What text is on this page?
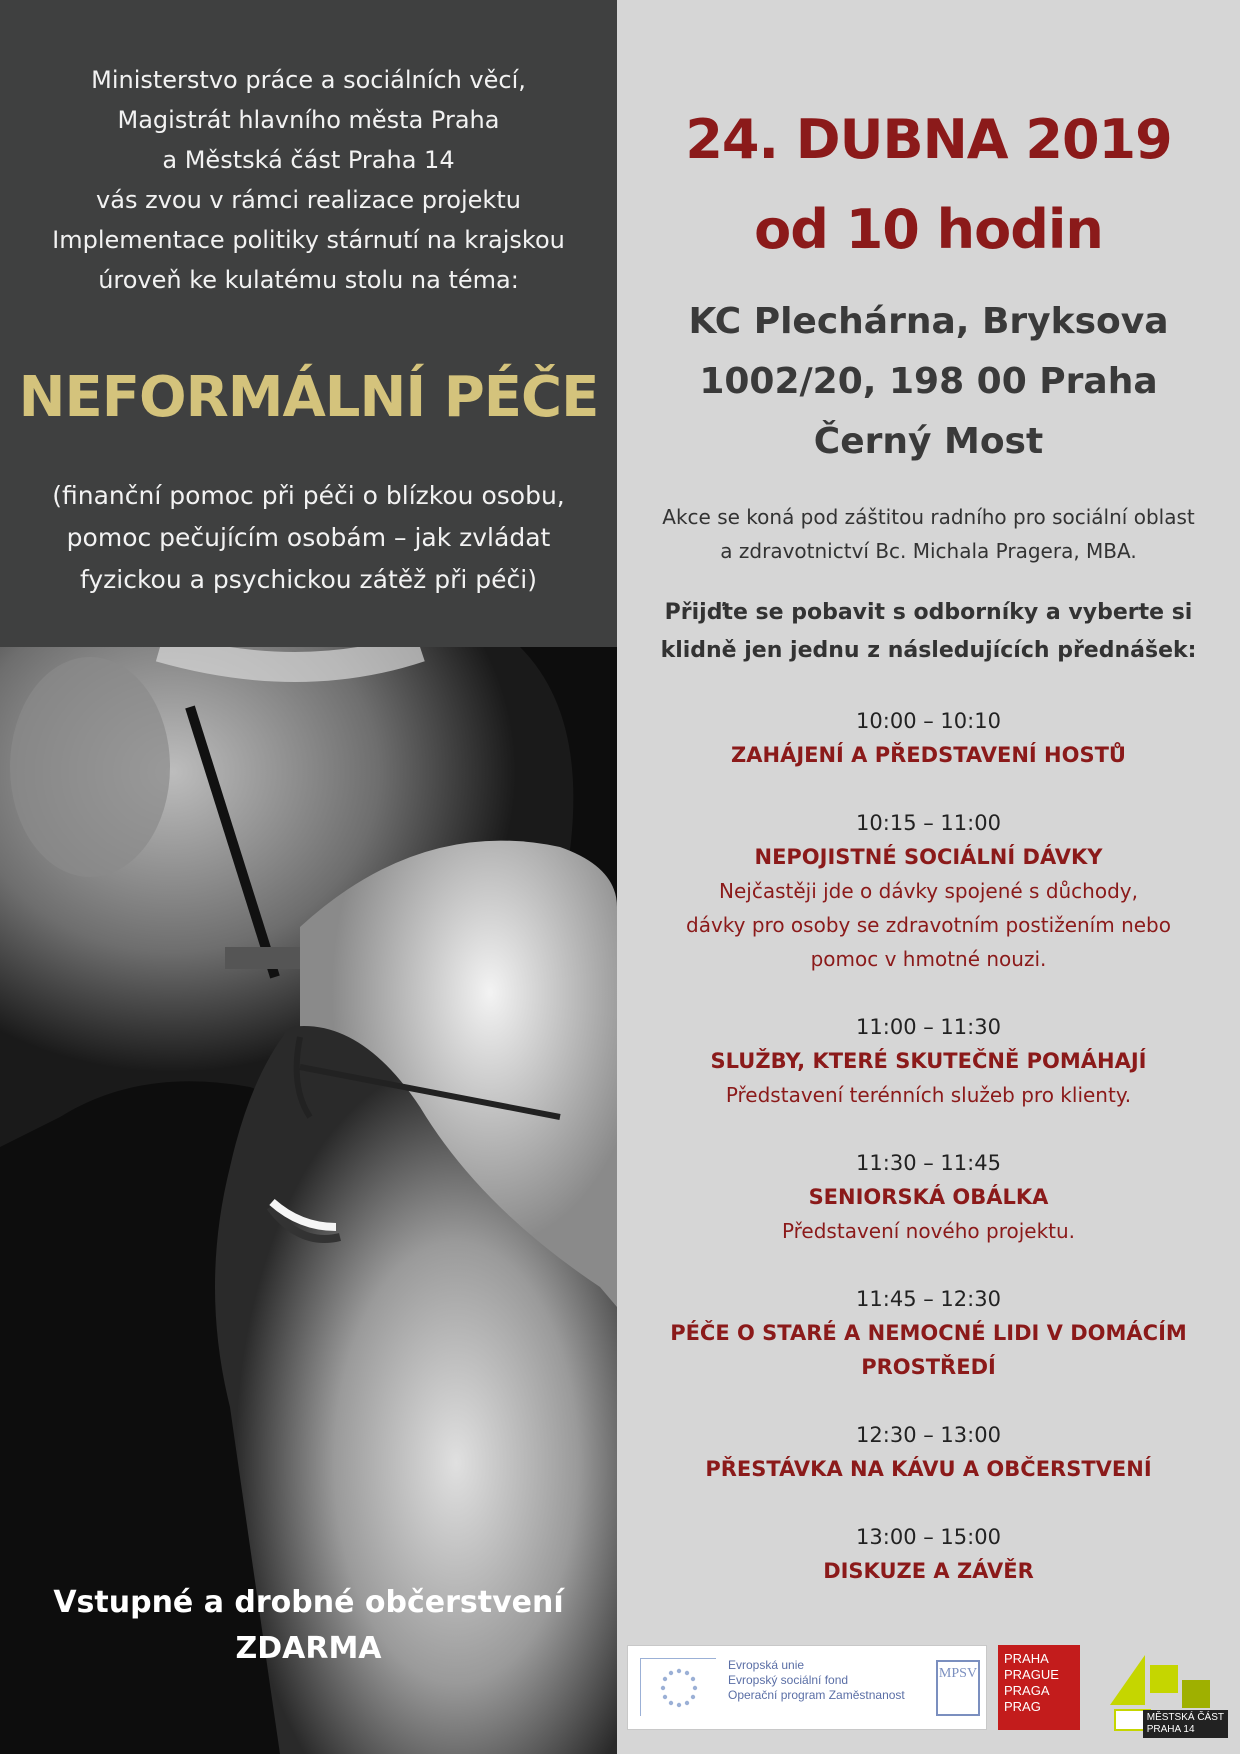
Ministerstvo práce a sociálních věcí,
Magistrát hlavního města Praha
a Městská část Praha 14
vás zvou v rámci realizace projektu
Implementace politiky stárnutí na krajskou
úroveň ke kulatému stolu na téma:
NEFORMÁLNÍ PÉČE
(finanční pomoc při péči o blízkou osobu,
pomoc pečujícím osobám – jak zvládat
fyzickou a psychickou zátěž při péči)
Vstupné a drobné občerstvení
ZDARMA
24. DUBNA 2019
od 10 hodin
KC Plechárna, Bryksova
1002/20, 198 00 Praha
Černý Most
Akce se koná pod záštitou radního pro sociální oblast
a zdravotnictví Bc. Michala Pragera, MBA.
Přijďte se pobavit s odborníky a vyberte si
klidně jen jednu z následujících přednášek:
10:00 – 10:10
ZAHÁJENÍ A PŘEDSTAVENÍ HOSTŮ
10:15 – 11:00
NEPOJISTNÉ SOCIÁLNÍ DÁVKY
Nejčastěji jde o dávky spojené s důchody,
dávky pro osoby se zdravotním postižením nebo
pomoc v hmotné nouzi.
11:00 – 11:30
SLUŽBY, KTERÉ SKUTEČNĚ POMÁHAJÍ
Představení terénních služeb pro klienty.
11:30 – 11:45
SENIORSKÁ OBÁLKA
Představení nového projektu.
11:45 – 12:30
PÉČE O STARÉ A NEMOCNÉ LIDI V DOMÁCÍM
PROSTŘEDÍ
12:30 – 13:00
PŘESTÁVKA NA KÁVU A OBČERSTVENÍ
13:00 – 15:00
DISKUZE A ZÁVĚR
Evropská unie
Evropský sociální fond
Operační program Zaměstnanost
MPSV
PRAHA
PRAGUE
PRAGA
PRAG
MĚSTSKÁ ČÁST
PRAHA 14
